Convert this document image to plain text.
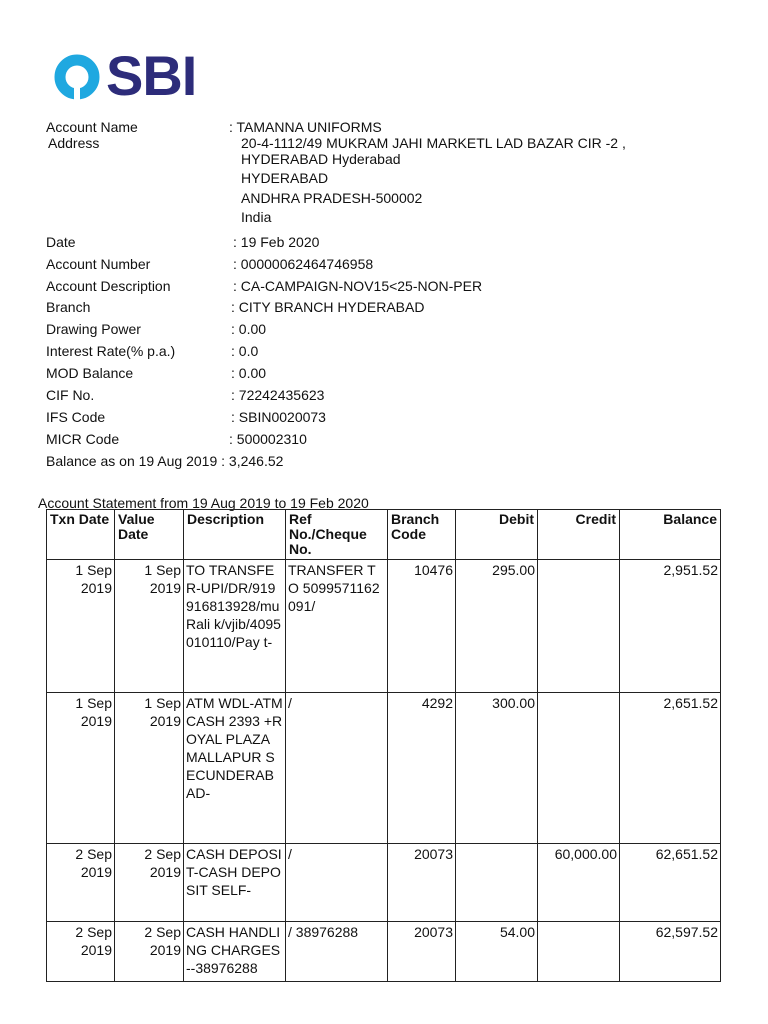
SBI
Account Name	: TAMANNA UNIFORMS
Address	20-4-1112/49 MUKRAM JAHI MARKETL LAD BAZAR CIR -2 ,
HYDERABAD Hyderabad
HYDERABAD
ANDHRA PRADESH-500002
India
Date	: 19 Feb 2020
Account Number	: 00000062464746958
Account Description	: CA-CAMPAIGN-NOV15<25-NON-PER
Branch	: CITY BRANCH HYDERABAD
Drawing Power	: 0.00
Interest Rate(% p.a.)	: 0.0
MOD Balance	: 0.00
CIF No.	: 72242435623
IFS Code	: SBIN0020073
MICR Code	: 500002310
Balance as on 19 Aug 2019 : 3,246.52
Account Statement from 19 Aug 2019 to 19 Feb 2020
Txn Date	Value Date	Description	Ref No./Cheque No.	Branch Code	Debit	Credit	Balance
1 Sep 2019	1 Sep 2019	TO TRANSFER-UPI/DR/919916813928/muRali k/vjib/4095010110/Pay t-	TRANSFER TO 5099571162091/	10476	295.00		2,951.52
1 Sep 2019	1 Sep 2019	ATM WDL-ATM CASH 2393 +ROYAL PLAZA MALLAPUR SECUNDERABAD-	/	4292	300.00		2,651.52
2 Sep 2019	2 Sep 2019	CASH DEPOSIT-CASH DEPOSIT SELF-	/	20073		60,000.00	62,651.52
2 Sep 2019	2 Sep 2019	CASH HANDLING CHARGES--38976288	/ 38976288	20073	54.00		62,597.52
